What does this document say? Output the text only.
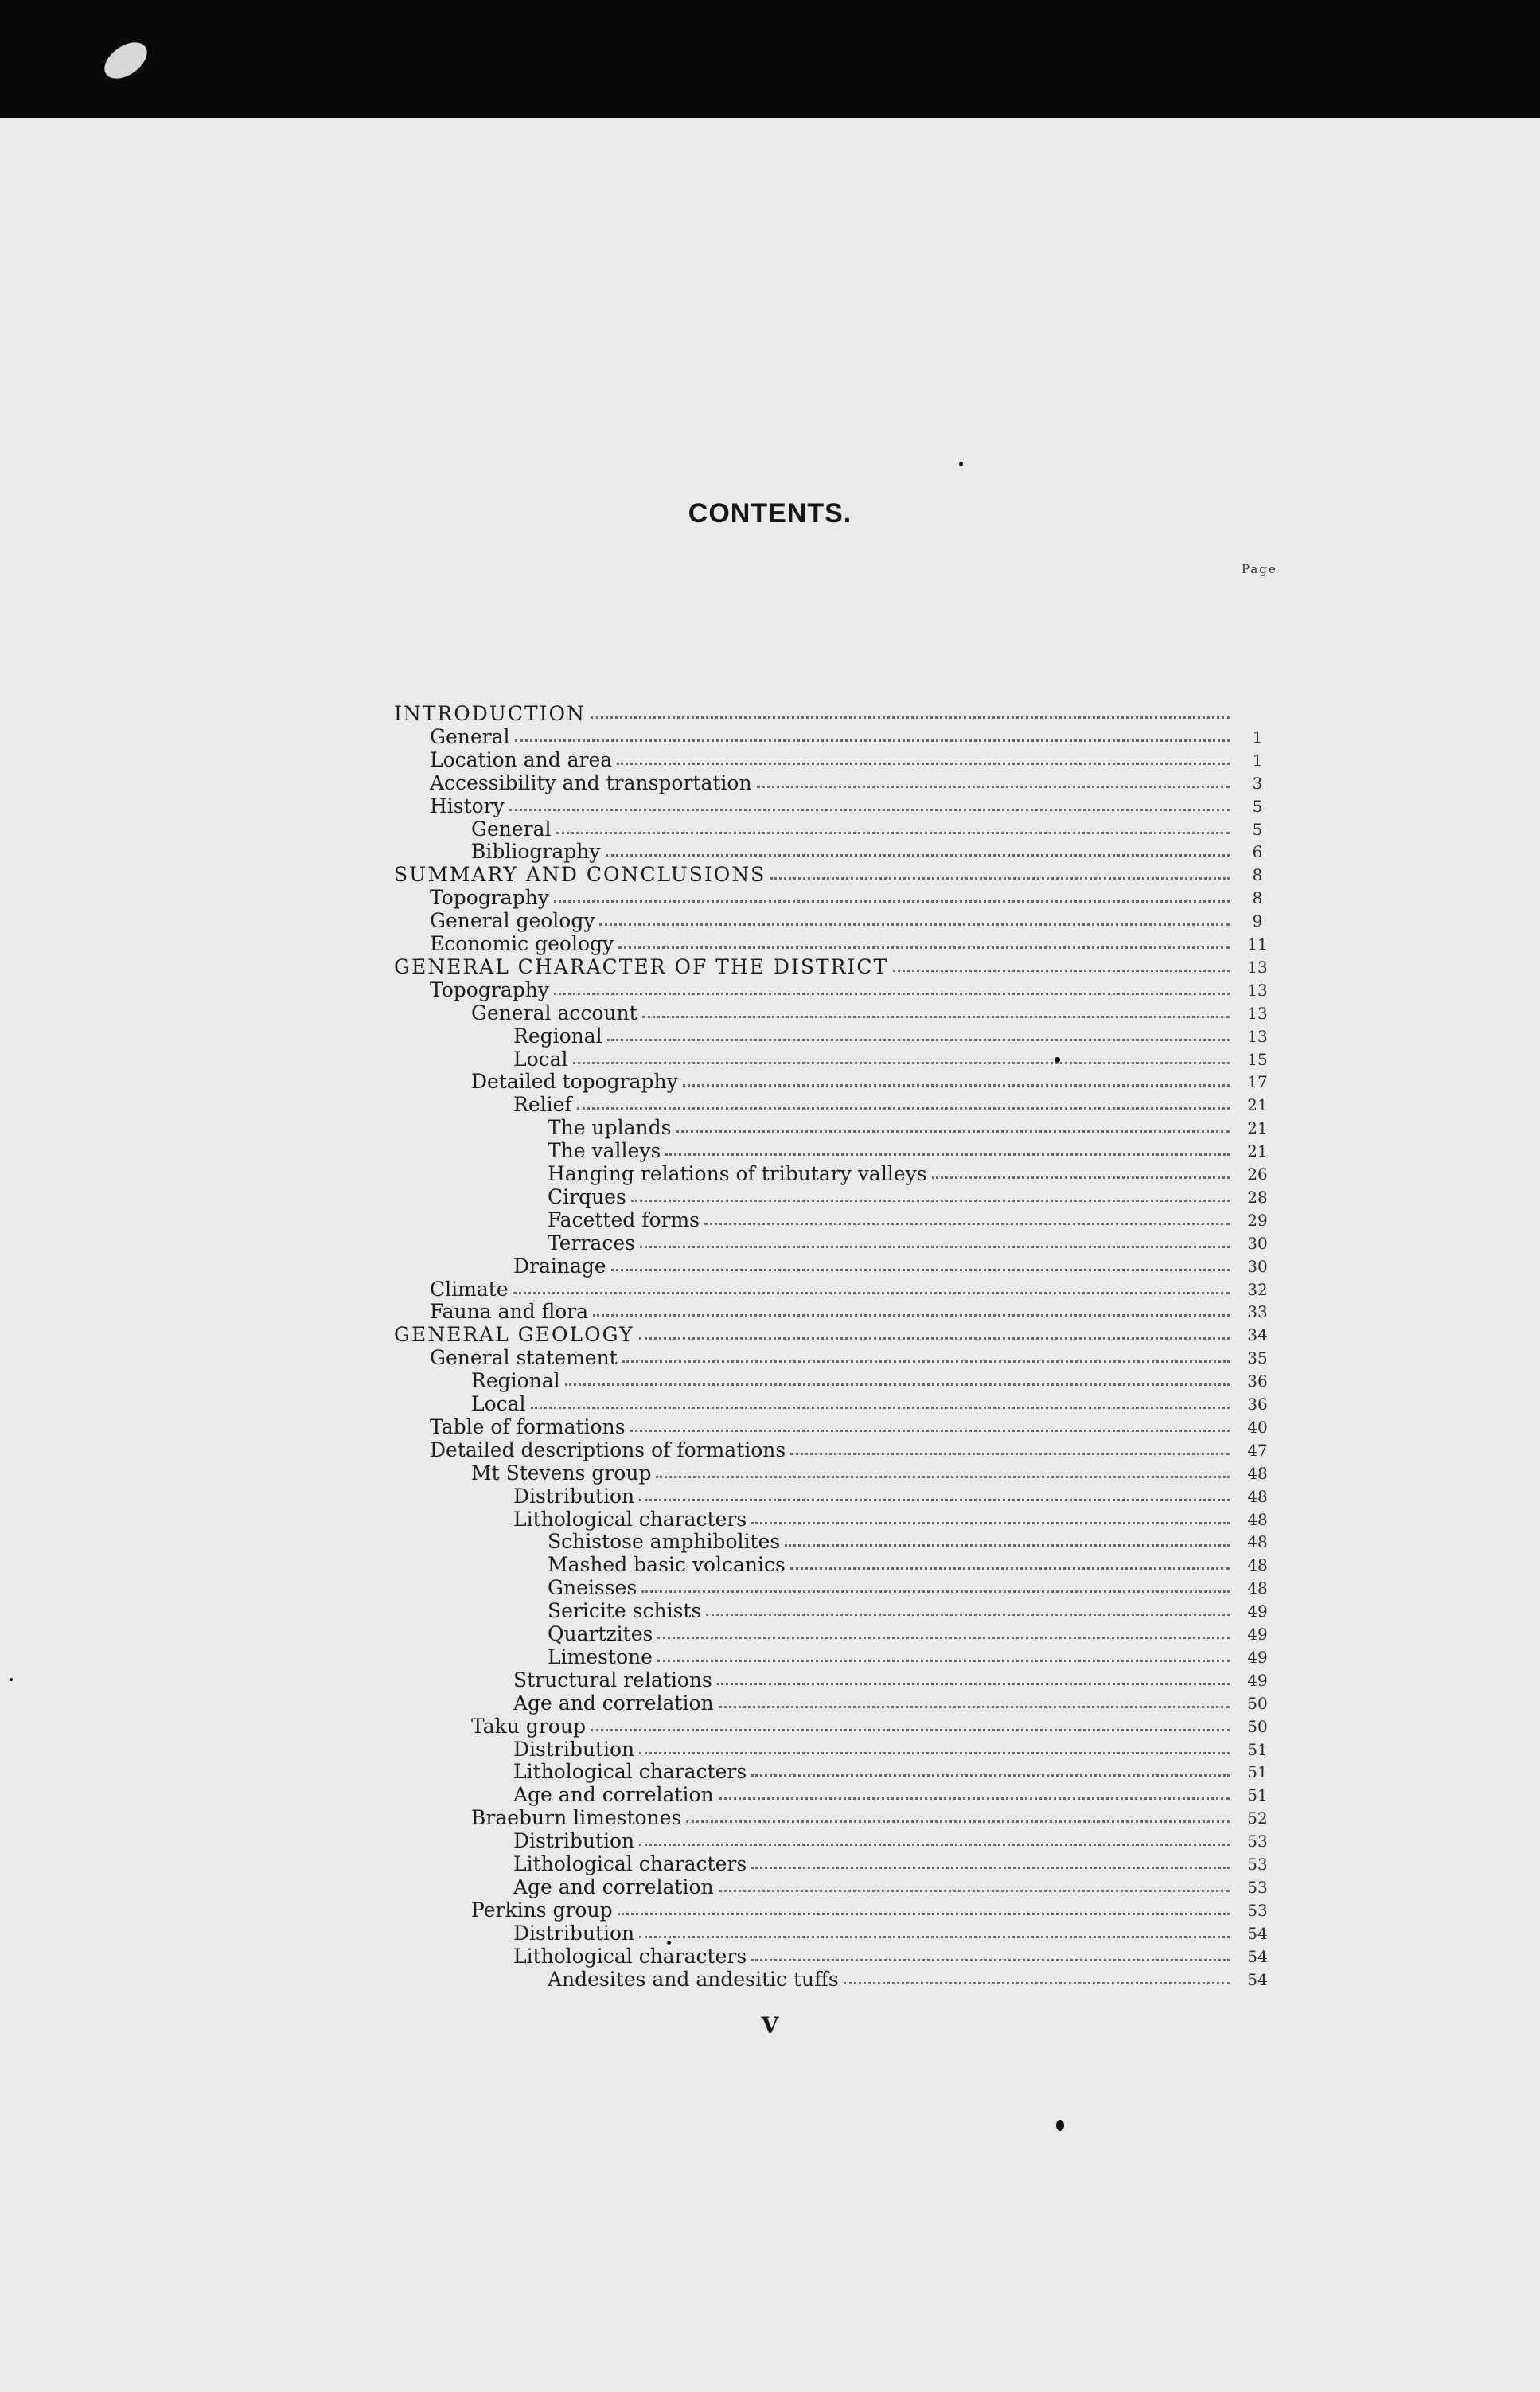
CONTENTS.
Page
INTRODUCTION
General	1
Location and area	1
Accessibility and transportation	3
History	5
General	5
Bibliography	6
SUMMARY AND CONCLUSIONS	8
Topography	8
General geology	9
Economic geology	11
GENERAL CHARACTER OF THE DISTRICT	13
Topography	13
General account	13
Regional	13
Local	15
Detailed topography	17
Relief	21
The uplands	21
The valleys	21
Hanging relations of tributary valleys	26
Cirques	28
Facetted forms	29
Terraces	30
Drainage	30
Climate	32
Fauna and flora	33
GENERAL GEOLOGY	34
General statement	35
Regional	36
Local	36
Table of formations	40
Detailed descriptions of formations	47
Mt Stevens group	48
Distribution	48
Lithological characters	48
Schistose amphibolites	48
Mashed basic volcanics	48
Gneisses	48
Sericite schists	49
Quartzites	49
Limestone	49
Structural relations	49
Age and correlation	50
Taku group	50
Distribution	51
Lithological characters	51
Age and correlation	51
Braeburn limestones	52
Distribution	53
Lithological characters	53
Age and correlation	53
Perkins group	53
Distribution	54
Lithological characters	54
Andesites and andesitic tuffs	54
V
